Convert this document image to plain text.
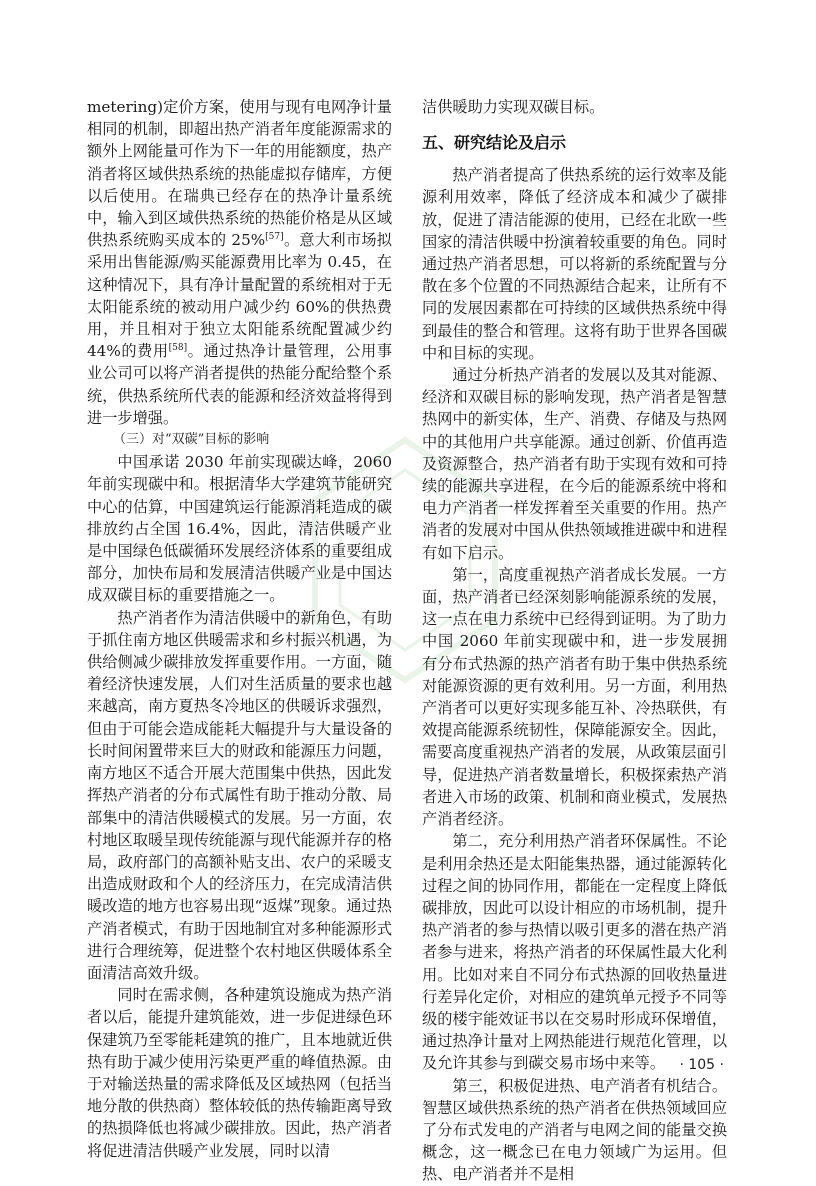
metering)定价方案，使用与现有电网净计量相同的机制，即超出热产消者年度能源需求的额外上网能量可作为下一年的用能额度，热产消者将区域供热系统的热能虚拟存储库，方便以后使用。在瑞典已经存在的热净计量系统中，输入到区域供热系统的热能价格是从区域供热系统购买成本的 25%[57]。意大利市场拟采用出售能源/购买能源费用比率为 0.45，在这种情况下，具有净计量配置的系统相对于无太阳能系统的被动用户减少约 60%的供热费用，并且相对于独立太阳能系统配置减少约 44%的费用[58]。通过热净计量管理，公用事业公司可以将产消者提供的热能分配给整个系统，供热系统所代表的能源和经济效益将得到进一步增强。

（三）对“双碳”目标的影响

中国承诺 2030 年前实现碳达峰，2060 年前实现碳中和。根据清华大学建筑节能研究中心的估算，中国建筑运行能源消耗造成的碳排放约占全国 16.4%，因此，清洁供暖产业是中国绿色低碳循环发展经济体系的重要组成部分，加快布局和发展清洁供暖产业是中国达成双碳目标的重要措施之一。

热产消者作为清洁供暖中的新角色，有助于抓住南方地区供暖需求和乡村振兴机遇，为供给侧减少碳排放发挥重要作用。一方面，随着经济快速发展，人们对生活质量的要求也越来越高，南方夏热冬冷地区的供暖诉求强烈，但由于可能会造成能耗大幅提升与大量设备的长时间闲置带来巨大的财政和能源压力问题，南方地区不适合开展大范围集中供热，因此发挥热产消者的分布式属性有助于推动分散、局部集中的清洁供暖模式的发展。另一方面，农村地区取暖呈现传统能源与现代能源并存的格局，政府部门的高额补贴支出、农户的采暖支出造成财政和个人的经济压力，在完成清洁供暖改造的地方也容易出现“返煤”现象。通过热产消者模式，有助于因地制宜对多种能源形式进行合理统筹，促进整个农村地区供暖体系全面清洁高效升级。

同时在需求侧，各种建筑设施成为热产消者以后，能提升建筑能效，进一步促进绿色环保建筑乃至零能耗建筑的推广，且本地就近供热有助于减少使用污染更严重的峰值热源。由于对输送热量的需求降低及区域热网（包括当地分散的供热商）整体较低的热传输距离导致的热损降低也将减少碳排放。因此，热产消者将促进清洁供暖产业发展，同时以清

洁供暖助力实现双碳目标。

五、研究结论及启示

热产消者提高了供热系统的运行效率及能源利用效率，降低了经济成本和减少了碳排放，促进了清洁能源的使用，已经在北欧一些国家的清洁供暖中扮演着较重要的角色。同时通过热产消者思想，可以将新的系统配置与分散在多个位置的不同热源结合起来，让所有不同的发展因素都在可持续的区域供热系统中得到最佳的整合和管理。这将有助于世界各国碳中和目标的实现。

通过分析热产消者的发展以及其对能源、经济和双碳目标的影响发现，热产消者是智慧热网中的新实体，生产、消费、存储及与热网中的其他用户共享能源。通过创新、价值再造及资源整合，热产消者有助于实现有效和可持续的能源共享进程，在今后的能源系统中将和电力产消者一样发挥着至关重要的作用。热产消者的发展对中国从供热领域推进碳中和进程有如下启示。

第一，高度重视热产消者成长发展。一方面，热产消者已经深刻影响能源系统的发展，这一点在电力系统中已经得到证明。为了助力中国 2060 年前实现碳中和，进一步发展拥有分布式热源的热产消者有助于集中供热系统对能源资源的更有效利用。另一方面，利用热产消者可以更好实现多能互补、冷热联供，有效提高能源系统韧性，保障能源安全。因此，需要高度重视热产消者的发展，从政策层面引导，促进热产消者数量增长，积极探索热产消者进入市场的政策、机制和商业模式，发展热产消者经济。

第二，充分利用热产消者环保属性。不论是利用余热还是太阳能集热器，通过能源转化过程之间的协同作用，都能在一定程度上降低碳排放，因此可以设计相应的市场机制，提升热产消者的参与热情以吸引更多的潜在热产消者参与进来，将热产消者的环保属性最大化利用。比如对来自不同分布式热源的回收热量进行差异化定价，对相应的建筑单元授予不同等级的楼宇能效证书以在交易时形成环保增值，通过热净计量对上网热能进行规范化管理，以及允许其参与到碳交易市场中来等。

第三，积极促进热、电产消者有机结合。智慧区域供热系统的热产消者在供热领域回应了分布式发电的产消者与电网之间的能量交换概念，这一概念已在电力领域广为运用。但热、电产消者并不是相

· 105 ·
